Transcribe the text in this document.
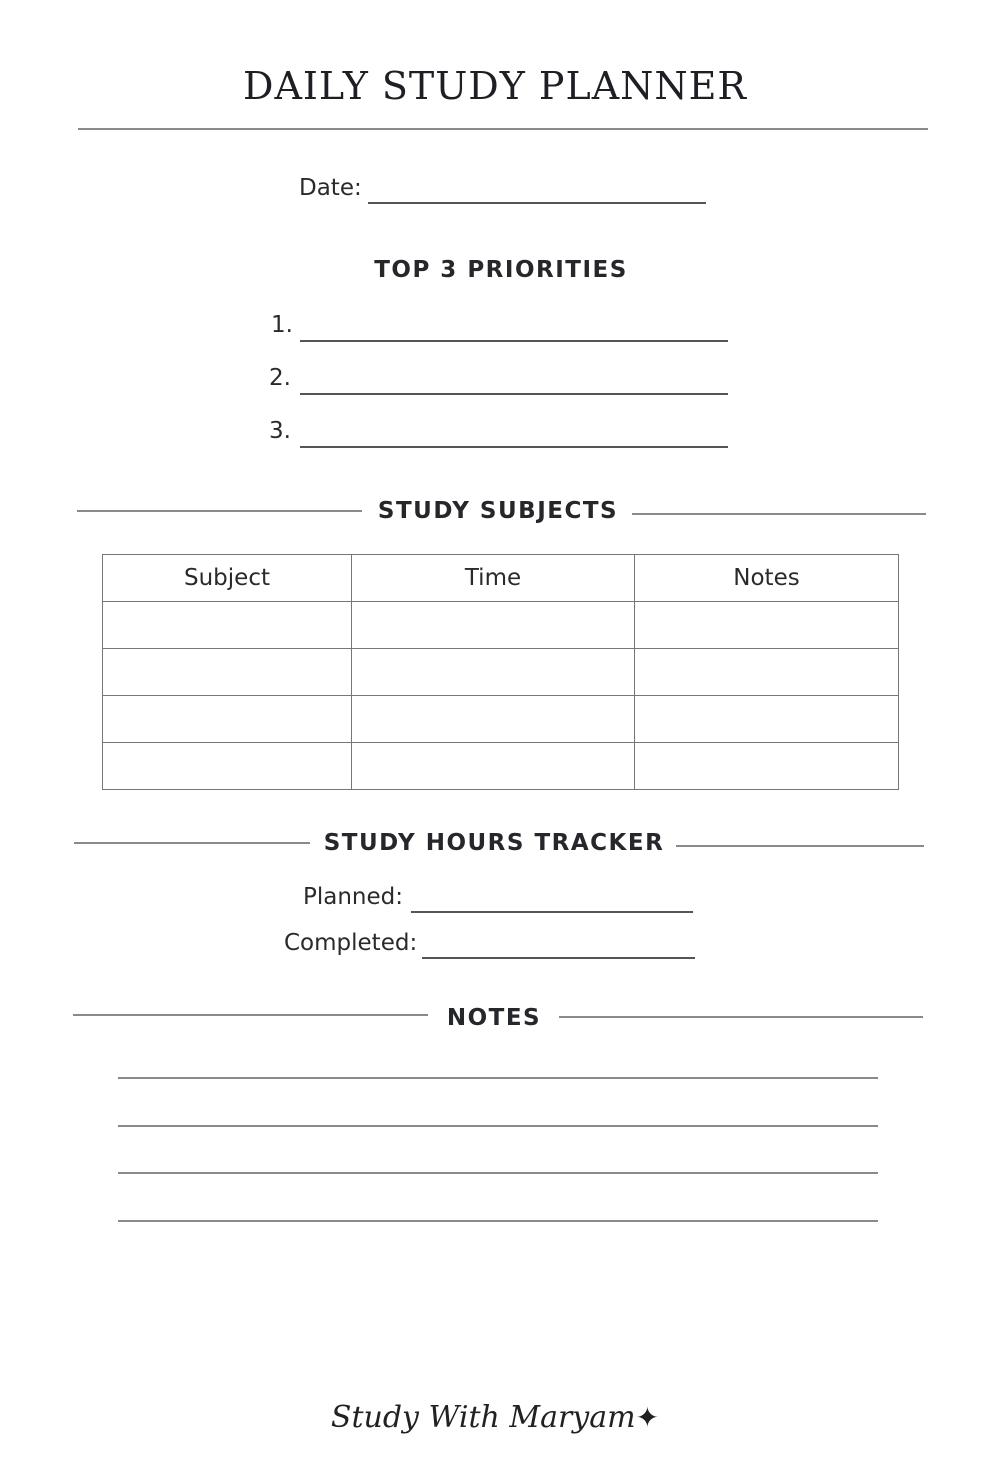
DAILY STUDY PLANNER
Date:
TOP 3 PRIORITIES
1.
2.
3.
STUDY SUBJECTS
Subject	Time	Notes

STUDY HOURS TRACKER
Planned:
Completed:
NOTES
Study With Maryam✦
